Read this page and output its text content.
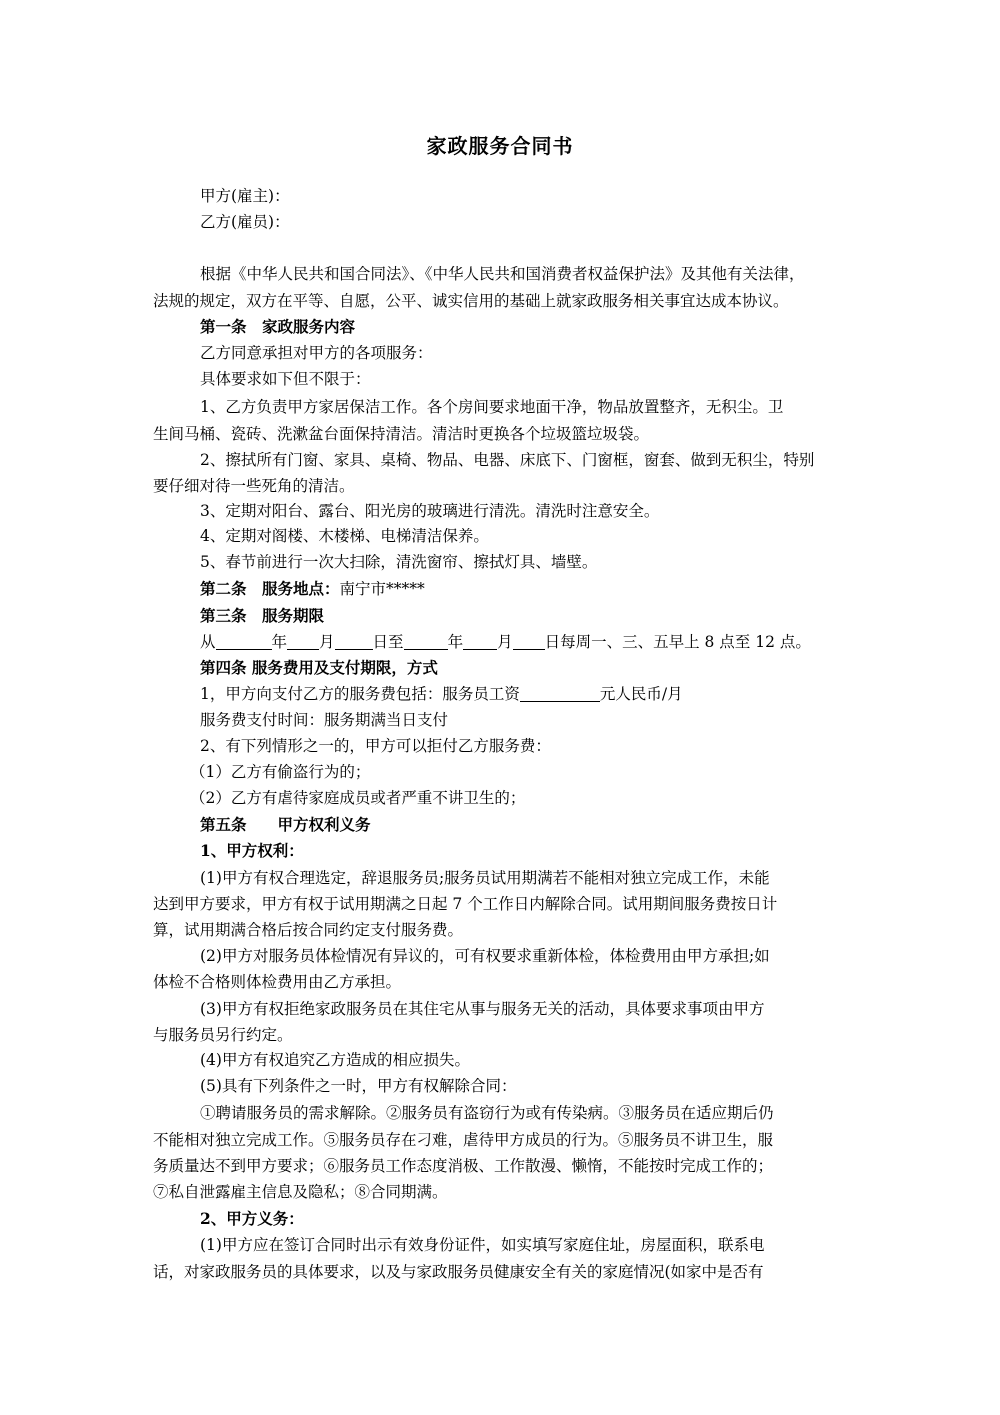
家政服务合同书
甲方(雇主)：
乙方(雇员)：
根据《中华人民共和国合同法》、《中华人民共和国消费者权益保护法》及其他有关法律，
法规的规定，双方在平等、自愿，公平、诚实信用的基础上就家政服务相关事宜达成本协议。
第一条　家政服务内容
乙方同意承担对甲方的各项服务：
具体要求如下但不限于：
1、乙方负责甲方家居保洁工作。各个房间要求地面干净，物品放置整齐，无积尘。卫
生间马桶、瓷砖、洗漱盆台面保持清洁。清洁时更换各个垃圾篮垃圾袋。
2、擦拭所有门窗、家具、桌椅、物品、电器、床底下、门窗框，窗套、做到无积尘，特别
要仔细对待一些死角的清洁。
3、定期对阳台、露台、阳光房的玻璃进行清洗。清洗时注意安全。
4、定期对阁楼、木楼梯、电梯清洁保养。
5、春节前进行一次大扫除，清洗窗帘、擦拭灯具、墙壁。
第二条　服务地点：南宁市*****
第三条　服务期限
从	年 月 日至	年 月 日每周一、三、五早上 8 点至 12 点。
第四条 服务费用及支付期限，方式
1，甲方向支付乙方的服务费包括：服务员工资	元人民币/月
服务费支付时间：服务期满当日支付
2、有下列情形之一的，甲方可以拒付乙方服务费：
（1）乙方有偷盗行为的；
（2）乙方有虐待家庭成员或者严重不讲卫生的；
第五条　　甲方权利义务
1、甲方权利：
(1)甲方有权合理选定，辞退服务员;服务员试用期满若不能相对独立完成工作，未能
达到甲方要求，甲方有权于试用期满之日起 7 个工作日内解除合同。试用期间服务费按日计
算，试用期满合格后按合同约定支付服务费。
(2)甲方对服务员体检情况有异议的，可有权要求重新体检，体检费用由甲方承担;如
体检不合格则体检费用由乙方承担。
(3)甲方有权拒绝家政服务员在其住宅从事与服务无关的活动，具体要求事项由甲方
与服务员另行约定。
(4)甲方有权追究乙方造成的相应损失。
(5)具有下列条件之一时，甲方有权解除合同：
①聘请服务员的需求解除。②服务员有盗窃行为或有传染病。③服务员在适应期后仍
不能相对独立完成工作。⑤服务员存在刁难，虐待甲方成员的行为。⑤服务员不讲卫生，服
务质量达不到甲方要求；⑥服务员工作态度消极、工作散漫、懒惰，不能按时完成工作的；
⑦私自泄露雇主信息及隐私；⑧合同期满。
2、甲方义务：
(1)甲方应在签订合同时出示有效身份证件，如实填写家庭住址，房屋面积，联系电
话，对家政服务员的具体要求，以及与家政服务员健康安全有关的家庭情况(如家中是否有
